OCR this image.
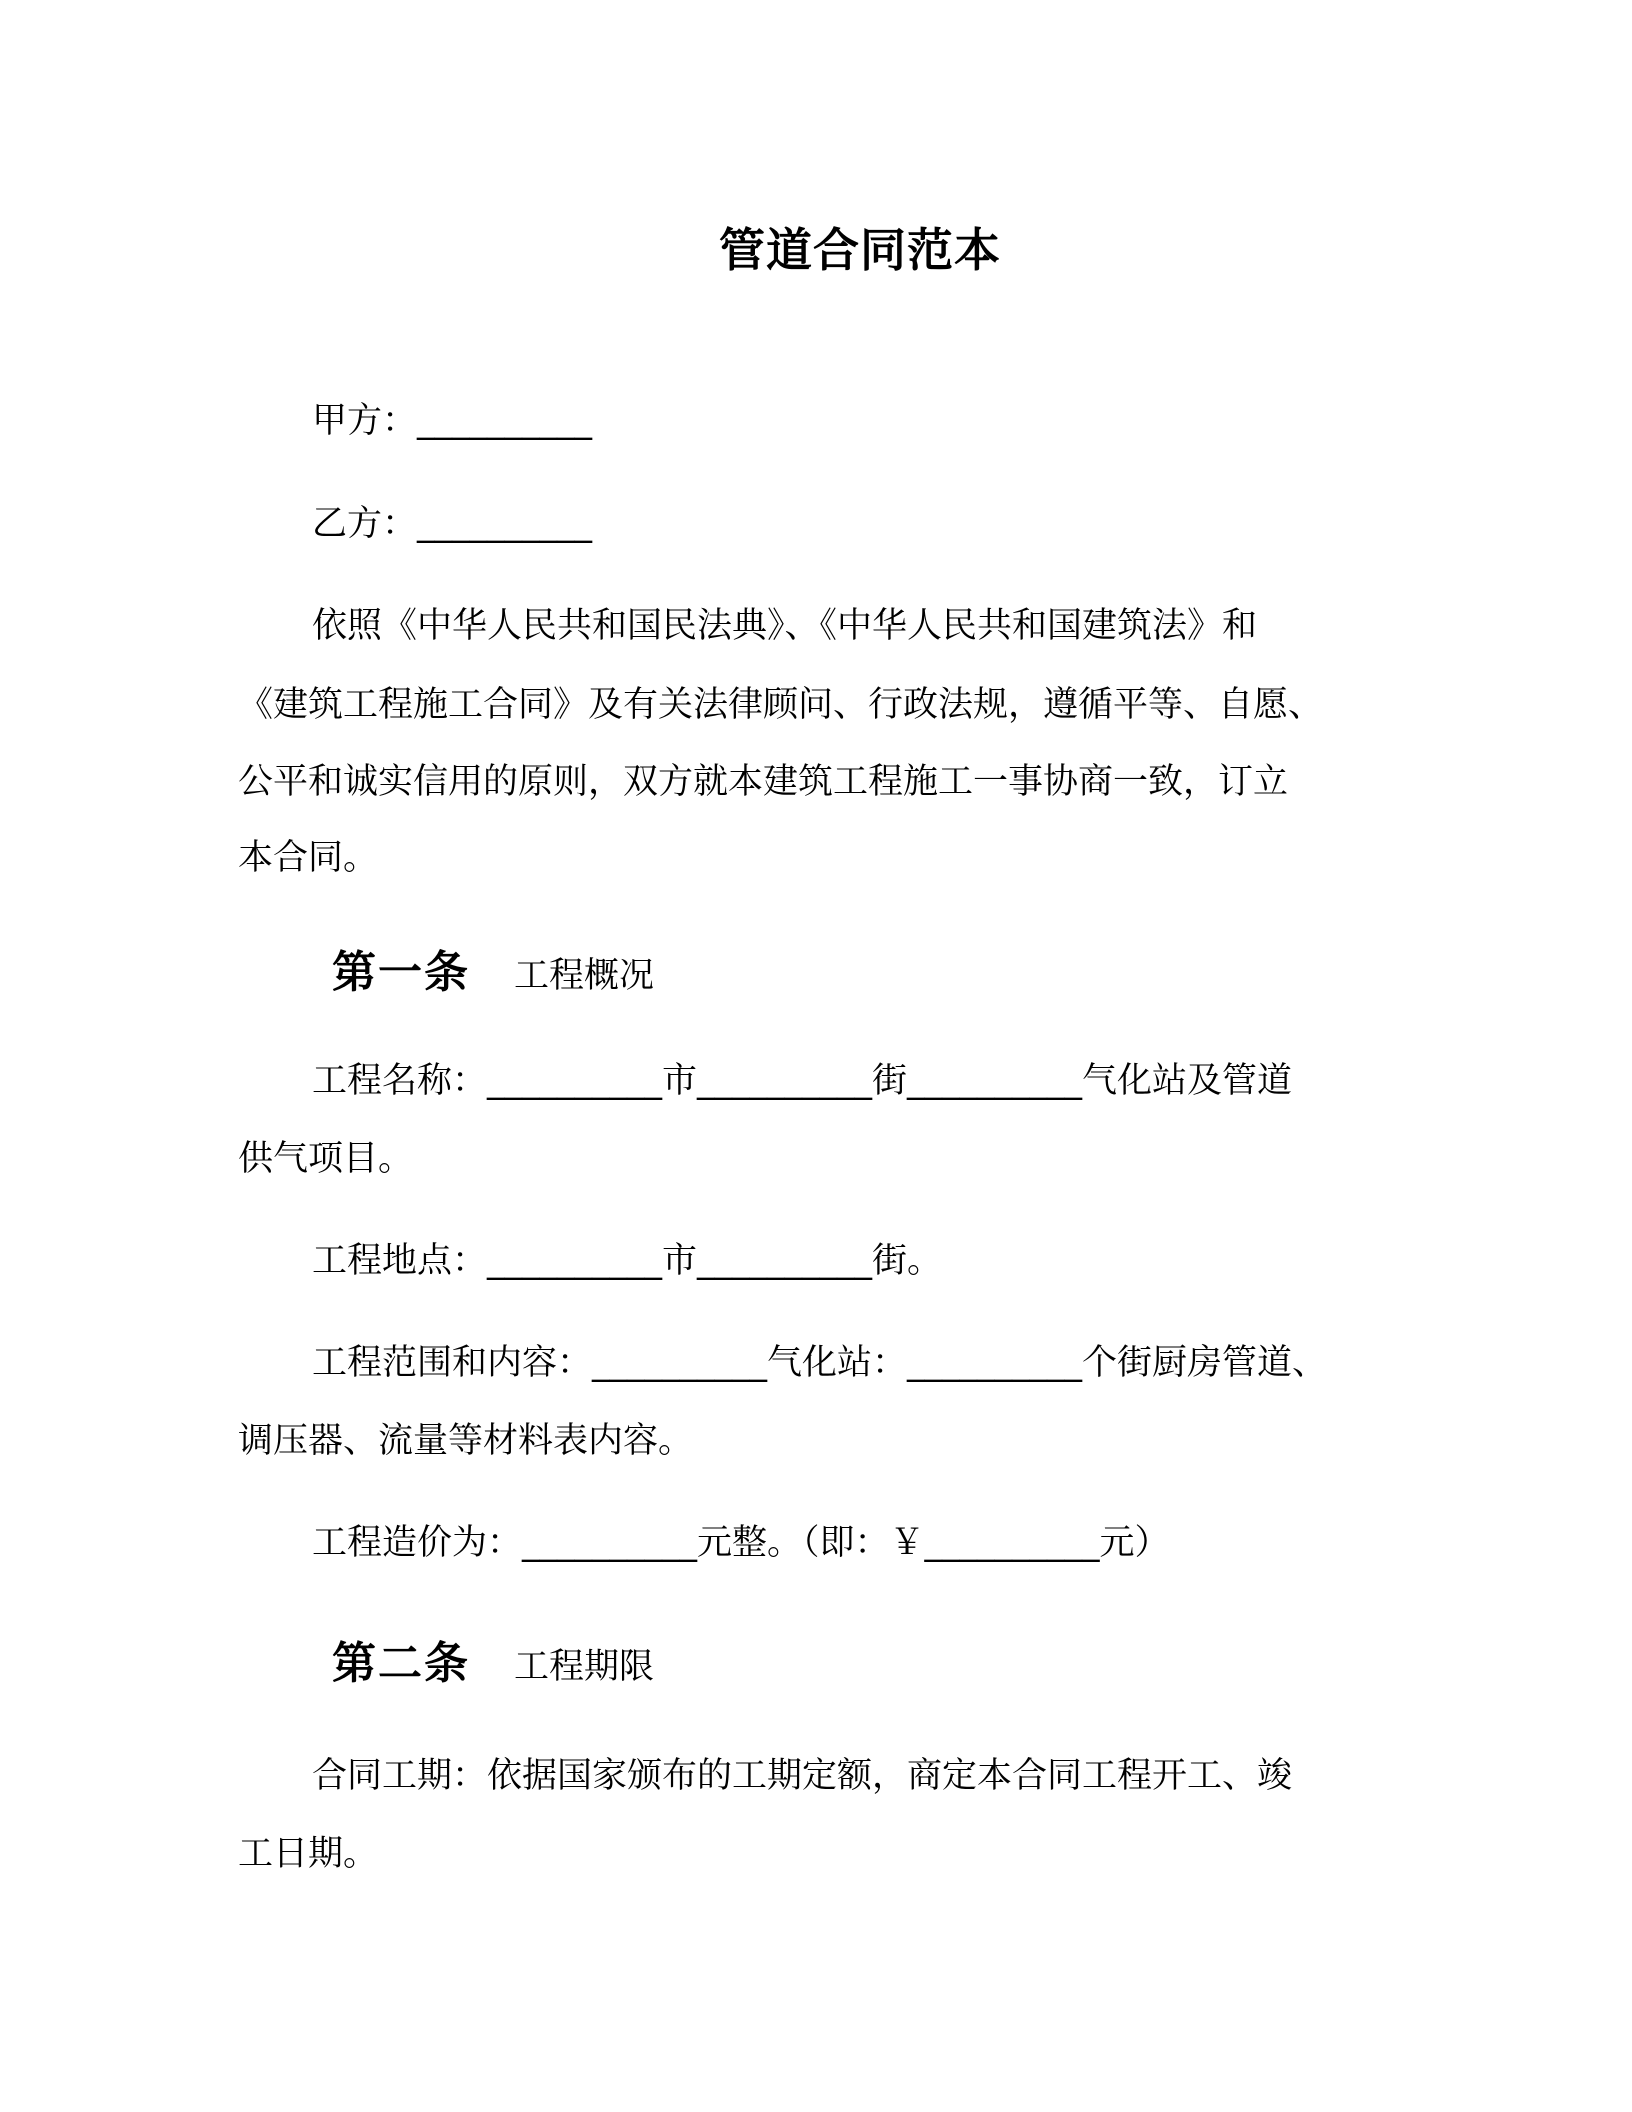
管道合同范本
甲方：__________
乙方：__________
依照《中华人民共和国民法典》、《中华人民共和国建筑法》和
《建筑工程施工合同》及有关法律顾问、行政法规，遵循平等、自愿、
公平和诚实信用的原则，双方就本建筑工程施工一事协商一致，订立
本合同。
第一条 工程概况
工程名称：__________市__________街__________气化站及管道
供气项目。
工程地点：__________市__________街。
工程范围和内容：__________气化站：__________个街厨房管道、
调压器、流量等材料表内容。
工程造价为：__________元整。（即：￥__________元）
第二条 工程期限
合同工期：依据国家颁布的工期定额，商定本合同工程开工、竣
工日期。
